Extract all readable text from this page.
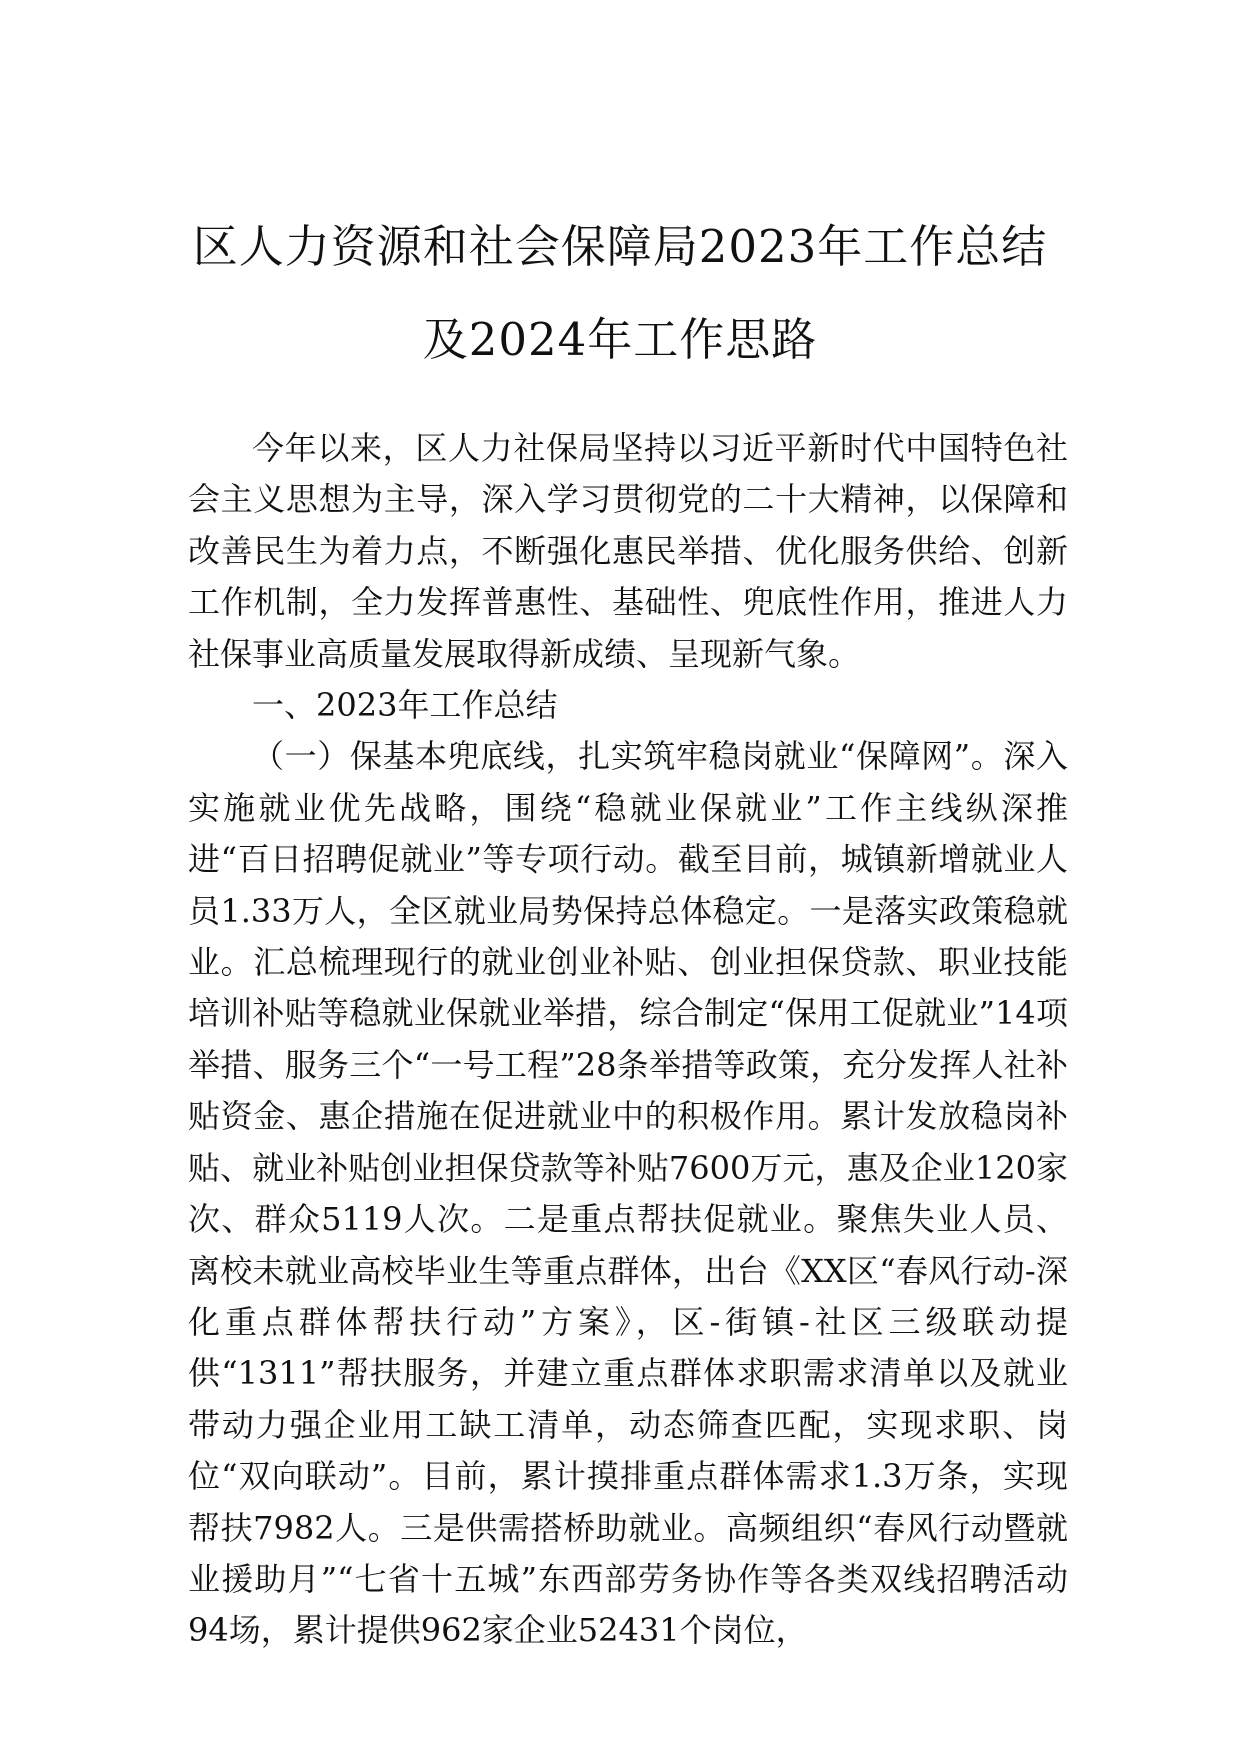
区人力资源和社会保障局2023年工作总结
及2024年工作思路

今年以来，区人力社保局坚持以习近平新时代中国特色社会主义思想为主导，深入学习贯彻党的二十大精神，以保障和改善民生为着力点，不断强化惠民举措、优化服务供给、创新工作机制，全力发挥普惠性、基础性、兜底性作用，推进人力社保事业高质量发展取得新成绩、呈现新气象。

一、2023年工作总结

（一）保基本兜底线，扎实筑牢稳岗就业“保障网”。深入实施就业优先战略，围绕“稳就业保就业”工作主线纵深推进“百日招聘促就业”等专项行动。截至目前，城镇新增就业人员1.33万人，全区就业局势保持总体稳定。一是落实政策稳就业。汇总梳理现行的就业创业补贴、创业担保贷款、职业技能培训补贴等稳就业保就业举措，综合制定“保用工促就业”14项举措、服务三个“一号工程”28条举措等政策，充分发挥人社补贴资金、惠企措施在促进就业中的积极作用。累计发放稳岗补贴、就业补贴创业担保贷款等补贴7600万元，惠及企业120家次、群众5119人次。二是重点帮扶促就业。聚焦失业人员、离校未就业高校毕业生等重点群体，出台《XX区“春风行动-深化重点群体帮扶行动”方案》，区-街镇-社区三级联动提供“1311”帮扶服务，并建立重点群体求职需求清单以及就业带动力强企业用工缺工清单，动态筛查匹配，实现求职、岗位“双向联动”。目前，累计摸排重点群体需求1.3万条，实现帮扶7982人。三是供需搭桥助就业。高频组织“春风行动暨就业援助月”“七省十五城”东西部劳务协作等各类双线招聘活动94场，累计提供962家企业52431个岗位，
